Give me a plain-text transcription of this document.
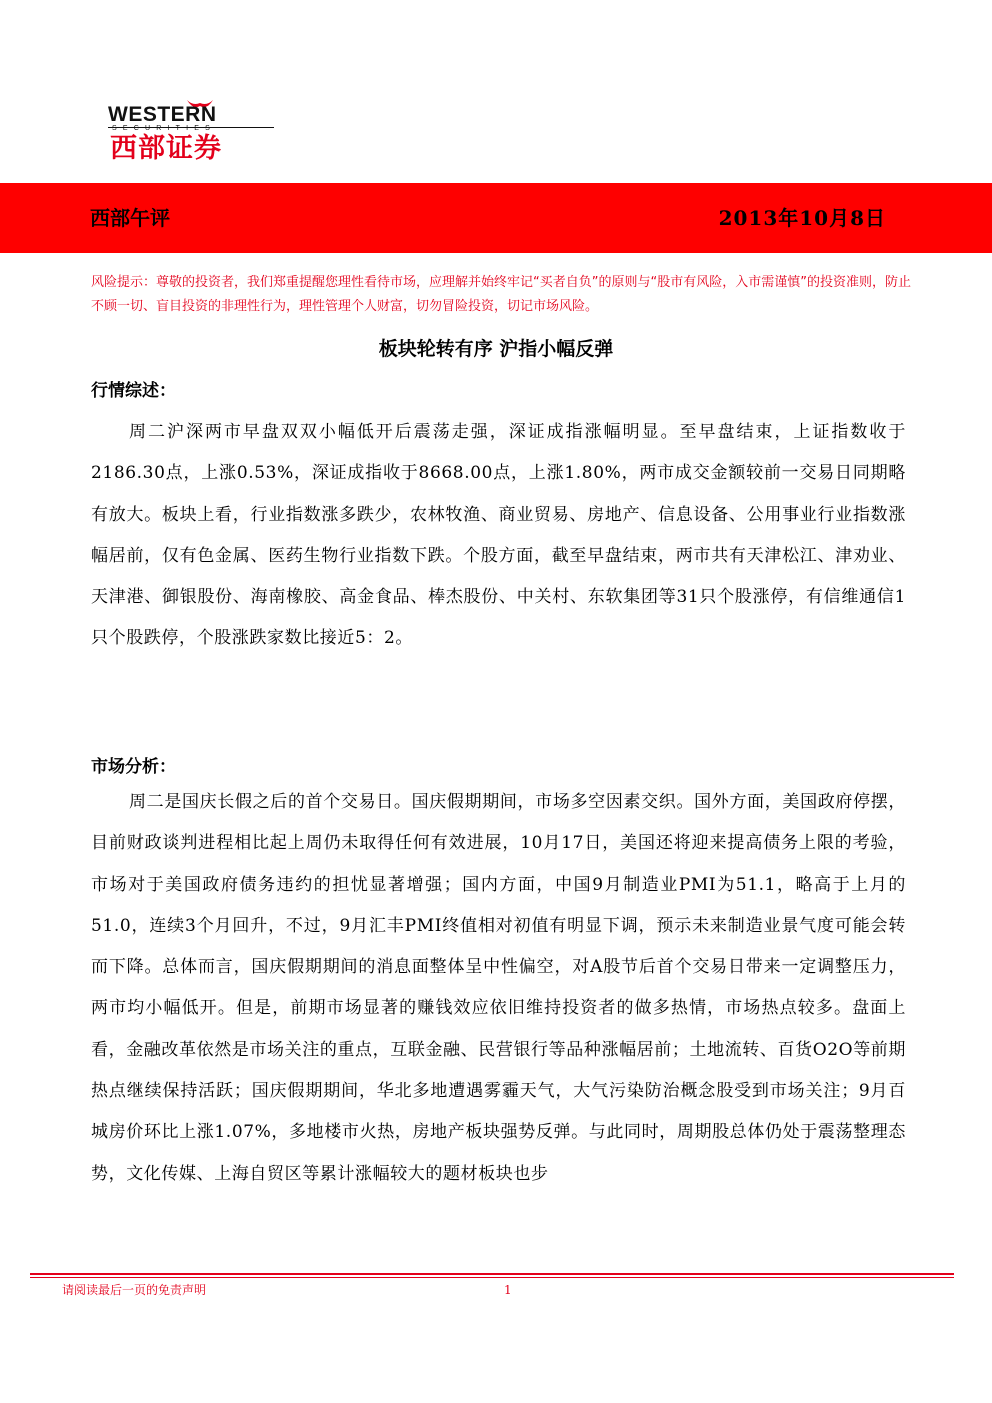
WESTERN
SECURITIES
西部证券
西部午评	2013年10月8日
风险提示：尊敬的投资者，我们郑重提醒您理性看待市场，应理解并始终牢记“买者自负”的原则与“股市有风险，入市需谨慎”的投资准则，防止不顾一切、盲目投资的非理性行为，理性管理个人财富，切勿冒险投资，切记市场风险。
板块轮转有序 沪指小幅反弹
行情综述：
周二沪深两市早盘双双小幅低开后震荡走强，深证成指涨幅明显。至早盘结束，上证指数收于2186.30点，上涨0.53%，深证成指收于8668.00点，上涨1.80%，两市成交金额较前一交易日同期略有放大。板块上看，行业指数涨多跌少，农林牧渔、商业贸易、房地产、信息设备、公用事业行业指数涨幅居前，仅有色金属、医药生物行业指数下跌。个股方面，截至早盘结束，两市共有天津松江、津劝业、天津港、御银股份、海南橡胶、高金食品、棒杰股份、中关村、东软集团等31只个股涨停，有信维通信1只个股跌停，个股涨跌家数比接近5：2。
市场分析：
周二是国庆长假之后的首个交易日。国庆假期期间，市场多空因素交织。国外方面，美国政府停摆，目前财政谈判进程相比起上周仍未取得任何有效进展，10月17日，美国还将迎来提高债务上限的考验，市场对于美国政府债务违约的担忧显著增强；国内方面，中国9月制造业PMI为51.1，略高于上月的51.0，连续3个月回升，不过，9月汇丰PMI终值相对初值有明显下调，预示未来制造业景气度可能会转而下降。总体而言，国庆假期期间的消息面整体呈中性偏空，对A股节后首个交易日带来一定调整压力，两市均小幅低开。但是，前期市场显著的赚钱效应依旧维持投资者的做多热情，市场热点较多。盘面上看，金融改革依然是市场关注的重点，互联金融、民营银行等品种涨幅居前；土地流转、百货O2O等前期热点继续保持活跃；国庆假期期间，华北多地遭遇雾霾天气，大气污染防治概念股受到市场关注；9月百城房价环比上涨1.07%，多地楼市火热，房地产板块强势反弹。与此同时，周期股总体仍处于震荡整理态势，文化传媒、上海自贸区等累计涨幅较大的题材板块也步
请阅读最后一页的免责声明	1
